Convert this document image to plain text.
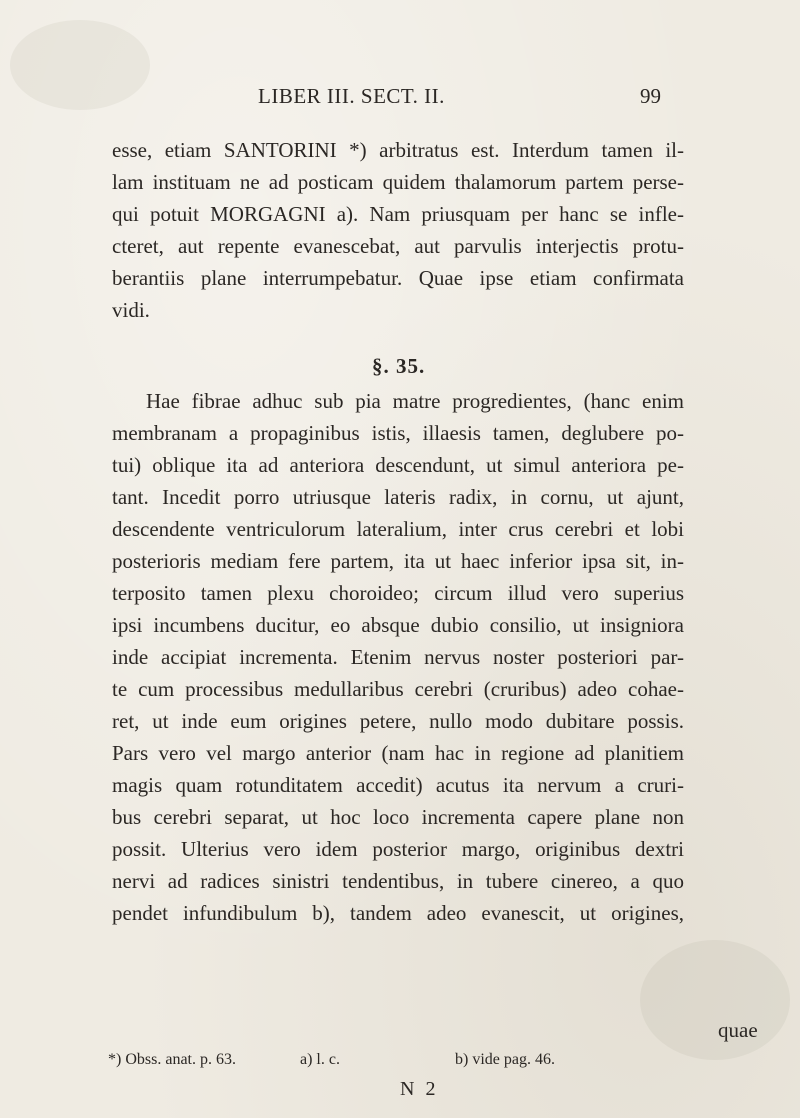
LIBER III. SECT. II.	99
esse, etiam SANTORINI *) arbitratus est. Interdum tamen il-
lam instituam ne ad posticam quidem thalamorum partem perse-
qui potuit MORGAGNI a). Nam priusquam per hanc se infle-
cteret, aut repente evanescebat, aut parvulis interjectis protu-
berantiis plane interrumpebatur. Quae ipse etiam confirmata
vidi.
§. 35.
Hae fibrae adhuc sub pia matre progredientes, (hanc enim
membranam a propaginibus istis, illaesis tamen, deglubere po-
tui) oblique ita ad anteriora descendunt, ut simul anteriora pe-
tant. Incedit porro utriusque lateris radix, in cornu, ut ajunt,
descendente ventriculorum lateralium, inter crus cerebri et lobi
posterioris mediam fere partem, ita ut haec inferior ipsa sit, in-
terposito tamen plexu choroideo; circum illud vero superius
ipsi incumbens ducitur, eo absque dubio consilio, ut insigniora
inde accipiat incrementa. Etenim nervus noster posteriori par-
te cum processibus medullaribus cerebri (cruribus) adeo cohae-
ret, ut inde eum origines petere, nullo modo dubitare possis.
Pars vero vel margo anterior (nam hac in regione ad planitiem
magis quam rotunditatem accedit) acutus ita nervum a cruri-
bus cerebri separat, ut hoc loco incrementa capere plane non
possit. Ulterius vero idem posterior margo, originibus dextri
nervi ad radices sinistri tendentibus, in tubere cinereo, a quo
pendet infundibulum b), tandem adeo evanescit, ut origines,
quae
*) Obss. anat. p. 63.	a) l. c.	b) vide pag. 46.
N 2
